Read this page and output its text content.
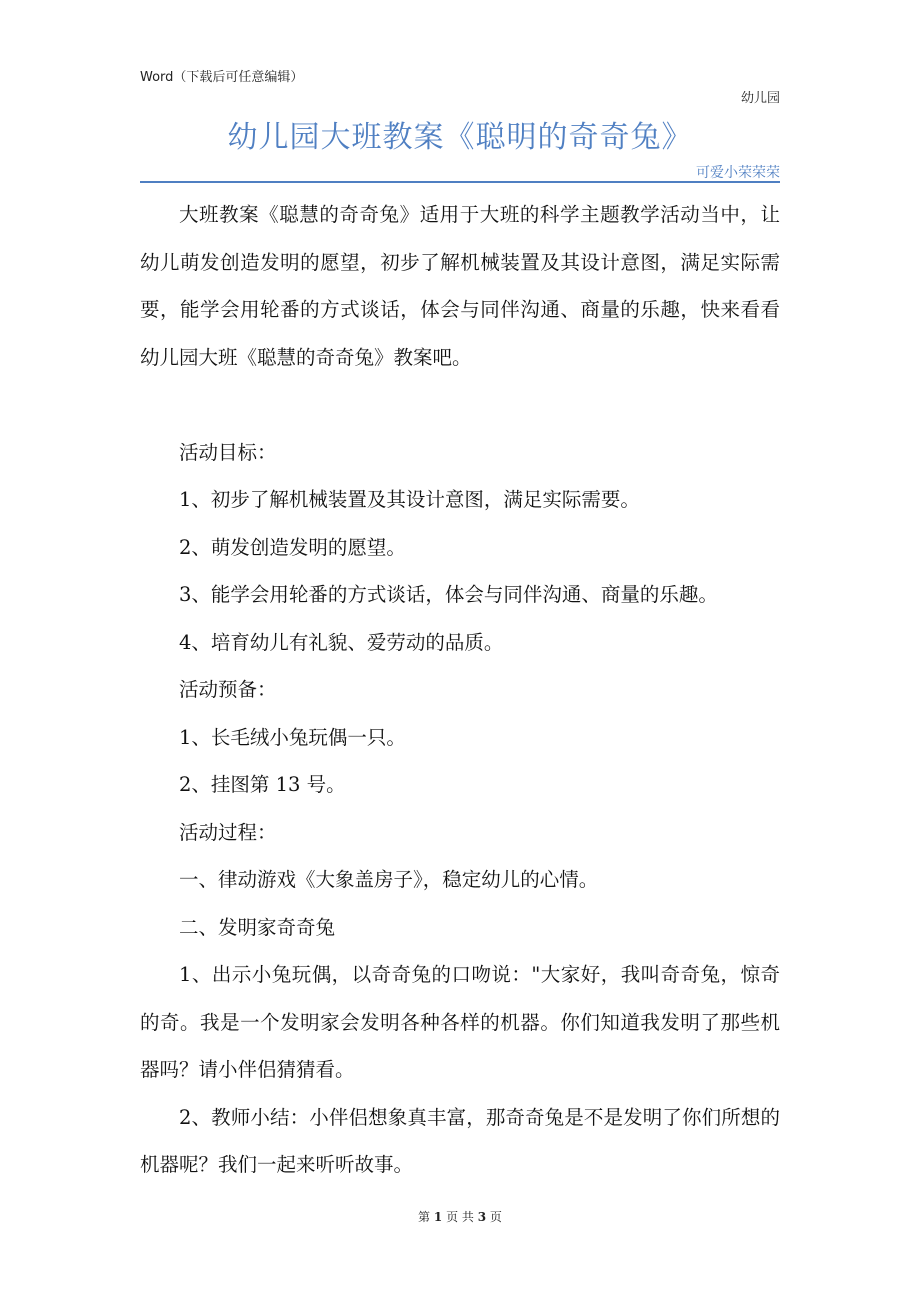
Word（下载后可任意编辑）
幼儿园
幼儿园大班教案《聪明的奇奇兔》
可爱小荣荣荣

大班教案《聪慧的奇奇兔》适用于大班的科学主题教学活动当中，让幼儿萌发创造发明的愿望，初步了解机械装置及其设计意图，满足实际需要，能学会用轮番的方式谈话，体会与同伴沟通、商量的乐趣，快来看看幼儿园大班《聪慧的奇奇兔》教案吧。

活动目标：

1、初步了解机械装置及其设计意图，满足实际需要。

2、萌发创造发明的愿望。

3、能学会用轮番的方式谈话，体会与同伴沟通、商量的乐趣。

4、培育幼儿有礼貌、爱劳动的品质。

活动预备：

1、长毛绒小兔玩偶一只。

2、挂图第 13 号。

活动过程：

一、律动游戏《大象盖房子》，稳定幼儿的心情。

二、发明家奇奇兔

1、出示小兔玩偶，以奇奇兔的口吻说："大家好，我叫奇奇兔，惊奇的奇。我是一个发明家会发明各种各样的机器。你们知道我发明了那些机器吗？请小伴侣猜猜看。

2、教师小结：小伴侣想象真丰富，那奇奇兔是不是发明了你们所想的机器呢？我们一起来听听故事。

第 1 页 共 3 页
